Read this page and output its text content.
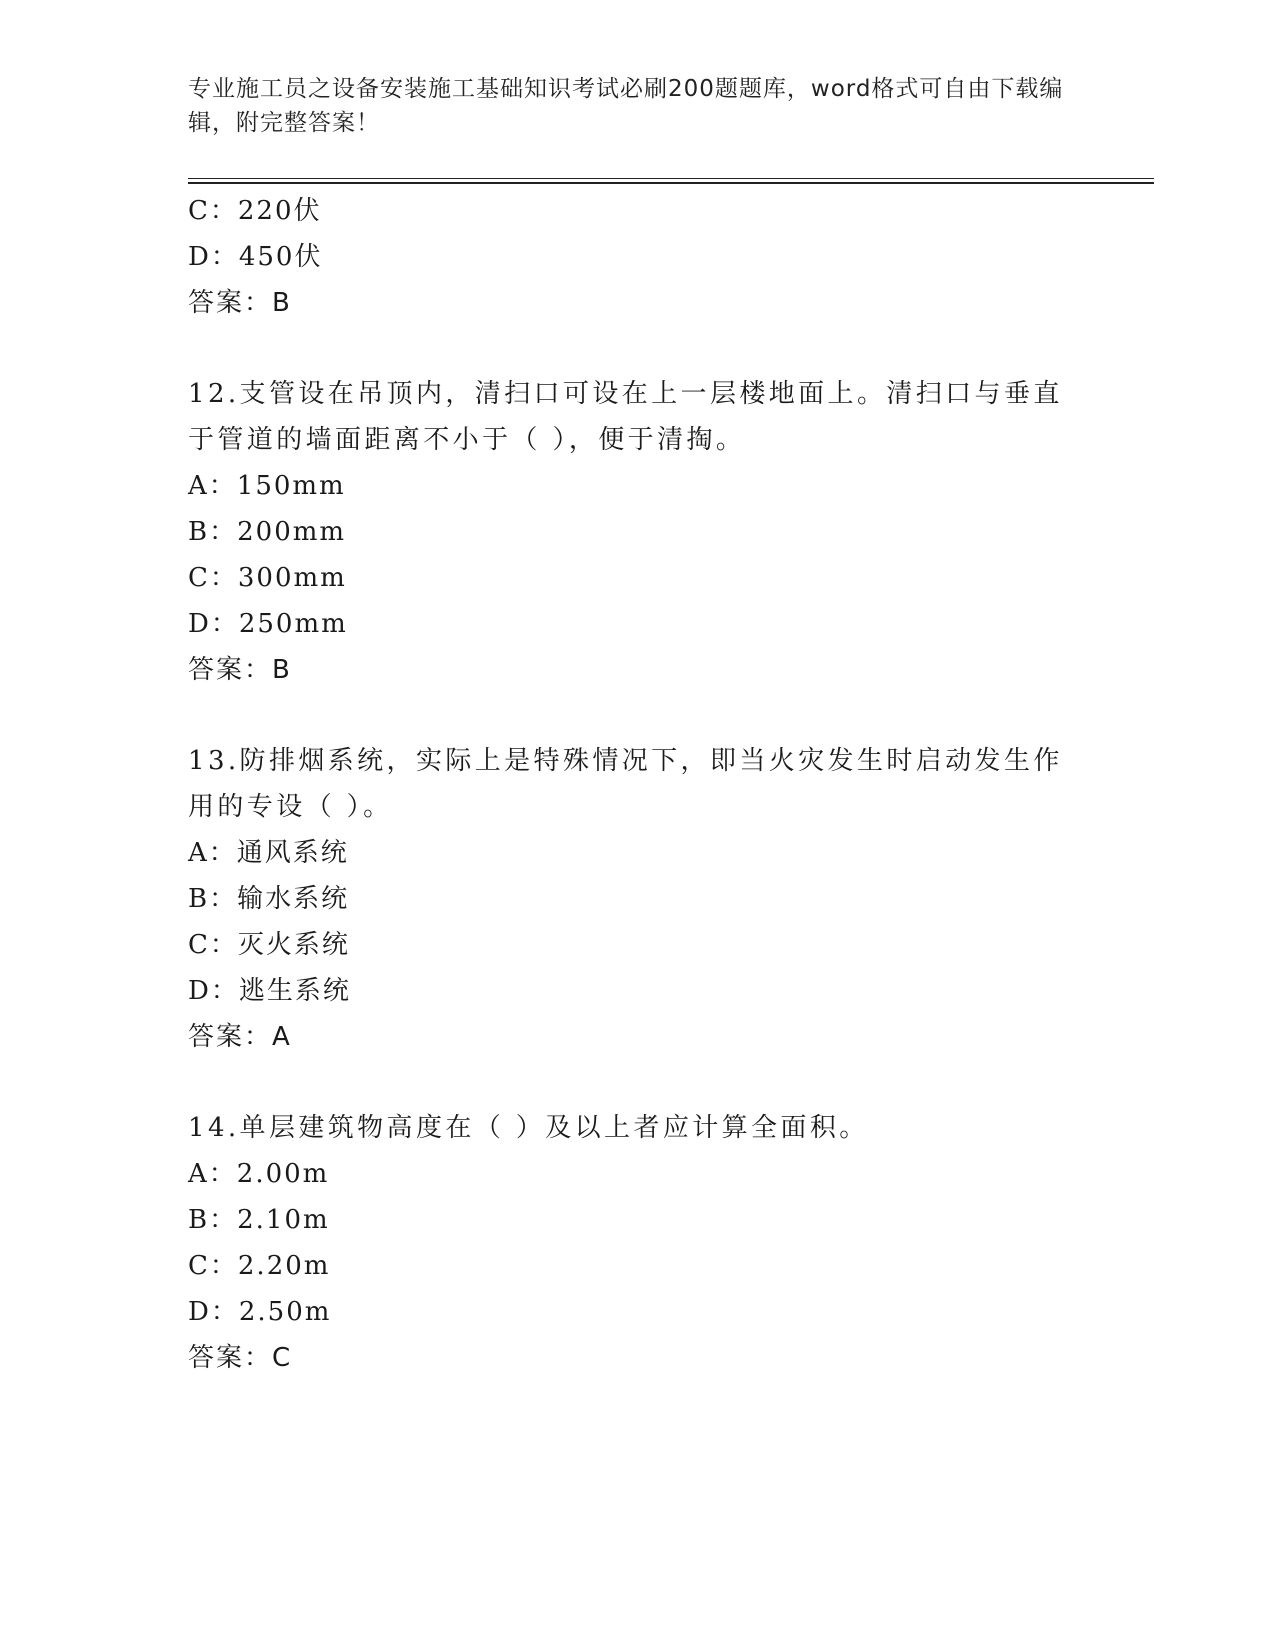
专业施工员之设备安装施工基础知识考试必刷200题题库，word格式可自由下载编辑，附完整答案！
C：220伏
D：450伏
答案：B
12.支管设在吊顶内，清扫口可设在上一层楼地面上。清扫口与垂直于管道的墙面距离不小于（ ），便于清掏。
A：150mm
B：200mm
C：300mm
D：250mm
答案：B
13.防排烟系统，实际上是特殊情况下，即当火灾发生时启动发生作用的专设（ ）。
A：通风系统
B：输水系统
C：灭火系统
D：逃生系统
答案：A
14.单层建筑物高度在（ ）及以上者应计算全面积。
A：2.00m
B：2.10m
C：2.20m
D：2.50m
答案：C
